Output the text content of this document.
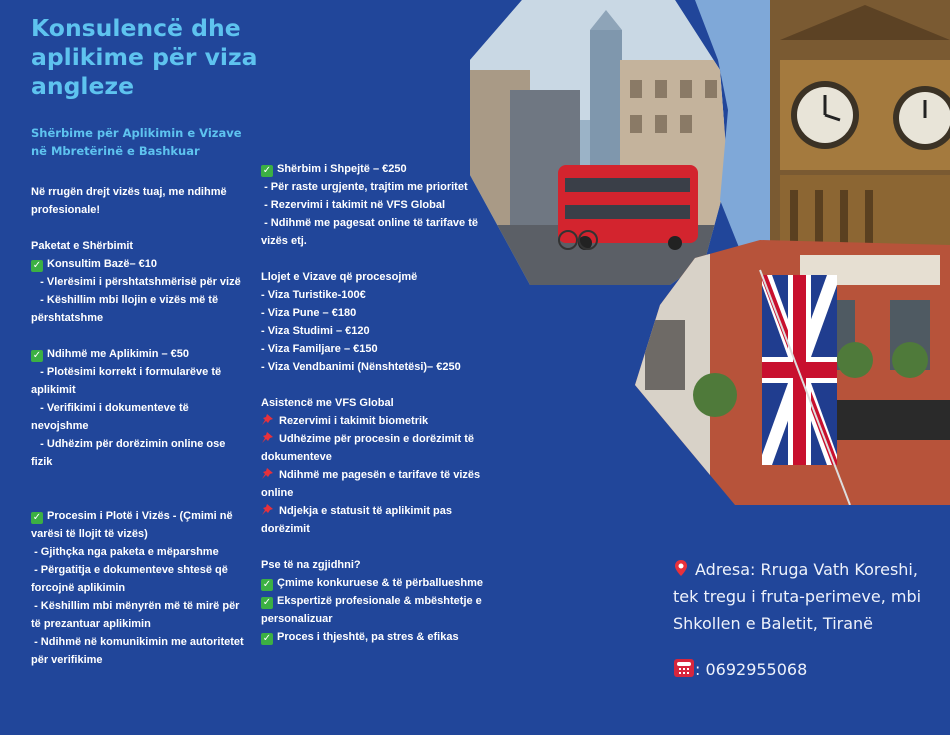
Konsulencë dhe aplikime për viza angleze
Shërbime për Aplikimin e Vizave në Mbretërinë e Bashkuar
Në rrugën drejt vizës tuaj, me ndihmë profesionale!
Paketat e Shërbimit
✓ Konsultim Bazë– €10
- Vlerësimi i përshtatshmërisë për vizë
- Këshillim mbi llojin e vizës më të përshtatshme
✓ Ndihmë me Aplikimin – €50
- Plotësimi korrekt i formularëve të aplikimit
- Verifikimi i dokumenteve të nevojshme
- Udhëzim për dorëzimin online ose fizik
✓ Procesim i Plotë i Vizës - (Çmimi në varësi të llojit të vizës)
- Gjithçka nga paketa e mëparshme
- Përgatitja e dokumenteve shtesë që forcojnë aplikimin
- Këshillim mbi mënyrën më të mirë për të prezantuar aplikimin
- Ndihmë në komunikimin me autoritetet për verifikime
✓ Shërbim i Shpejtë – €250
- Për raste urgjente, trajtim me prioritet
- Rezervimi i takimit në VFS Global
- Ndihmë me pagesat online të tarifave të vizës etj.
Llojet e Vizave që procesojmë
- Viza Turistike-100€
- Viza Pune – €180
- Viza Studimi – €120
- Viza Familjare – €150
- Viza Vendbanimi (Nënshtetësi)– €250
Asistencë me VFS Global
Rezervimi i takimit biometrik
Udhëzime për procesin e dorëzimit të dokumenteve
Ndihmë me pagesën e tarifave të vizës online
Ndjekja e statusit të aplikimit pas dorëzimit
Pse të na zgjidhni?
✓ Çmime konkuruese & të përballueshme
✓ Ekspertizë profesionale & mbështetje e personalizuar
✓ Proces i thjeshtë, pa stres & efikas
Adresa: Rruga Vath Koreshi, tek tregu i fruta-perimeve, mbi Shkollen e Baletit, Tiranë
: 0692955068
